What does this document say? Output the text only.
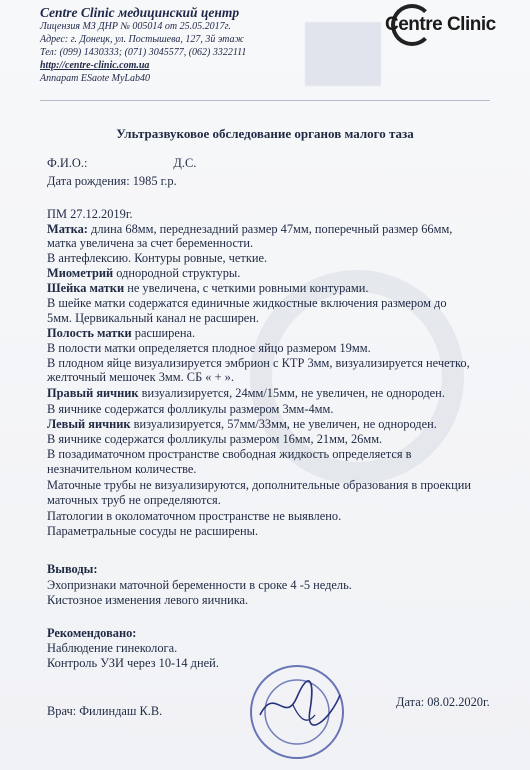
Centre Clinic медицинский центр
Лицензия МЗ ДНР № 005014 от 25.05.2017г.
Адрес: г. Донецк, ул. Постышева, 127, 3й этаж
Тел: (099) 1430333; (071) 3045577, (062) 3322111
http://centre-clinic.com.ua
Аппарат ESaote MyLab40
Centre Clinic
Ультразвуковое обследование органов малого таза
Ф.И.О.:	Д.С.
Дата рождения: 1985 г.р.
ПМ 27.12.2019г.
Матка: длина 68мм, переднезадний размер 47мм, поперечный размер 66мм,
матка увеличена за счет беременности.
В антефлексию. Контуры ровные, четкие.
Миометрий однородной структуры.
Шейка матки не увеличена, с четкими ровными контурами.
В шейке матки содержатся единичные жидкостные включения размером до
5мм. Цервикальный канал не расширен.
Полость матки расширена.
В полости матки определяется плодное яйцо размером 19мм.
В плодном яйце визуализируется эмбрион с КТР 3мм, визуализируется нечетко,
желточный мешочек 3мм. СБ « + ».
Правый яичник визуализируется, 24мм/15мм, не увеличен, не однороден.
В яичнике содержатся фолликулы размером 3мм-4мм.
Левый яичник визуализируется, 57мм/33мм, не увеличен, не однороден.
В яичнике содержатся фолликулы размером 16мм, 21мм, 26мм.
В позадиматочном пространстве свободная жидкость определяется в
незначительном количестве.
Маточные трубы не визуализируются, дополнительные образования в проекции
маточных труб не определяются.
Патологии в околоматочном пространстве не выявлено.
Параметральные сосуды не расширены.
Выводы:
Эхопризнаки маточной беременности в сроке 4 -5 недель.
Кистозное изменения левого яичника.
Рекомендовано:
Наблюдение гинеколога.
Контроль УЗИ через 10-14 дней.
Врач: Филиндаш К.В.
Дата: 08.02.2020г.
